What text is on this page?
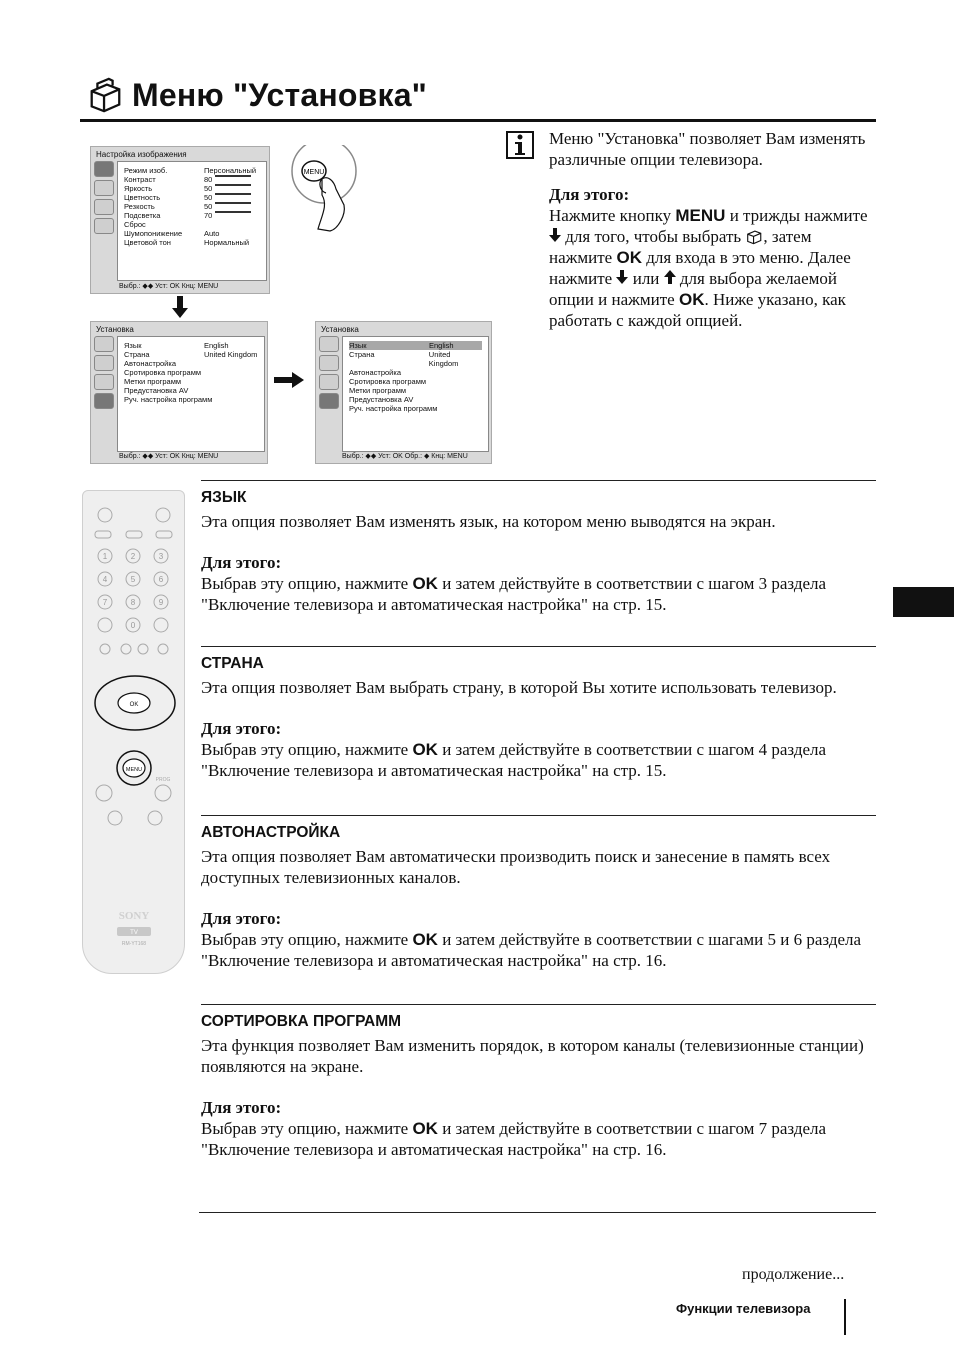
Меню "Установка"
Настройка изображения
Режим изоб.	Персональный
Контраст	80
Яркость	50
Цветность	50
Резкость	50
Подсветка	70
Сброс
Шумопонижение	Auto
Цветовой тон	Нормальный
Выбр.: ◆◆ Уст: OK Кнц: MENU
MENU
Установка
Язык	English
Страна	United Kingdom
Автонастройка
Сротировка программ
Метки программ
Предустановка AV
Руч. настройка программ
Выбр.: ◆◆ Уст: OK Кнц: MENU
Установка
Язык	English
Страна	United Kingdom
Автонастройка
Сротировка программ
Метки программ
Предустановка AV
Руч. настройка программ
Выбр.: ◆◆ Уст: OK Обр.: ◆ Кнц: MENU

Меню "Установка" позволяет Вам изменять различные опции телевизора.

Для этого:
Нажмите кнопку MENU и трижды нажмите  для того, чтобы выбрать , затем нажмите OK для входа в это меню. Далее нажмите  или  для выбора желаемой опции и нажмите OK. Ниже указано, как работать с каждой опцией.
1	2	3
4	5	6
7	8	9
0
OK
MENU
PROG
SONY
TV
RM-YT168
ЯЗЫК

Эта опция позволяет Вам изменять язык, на котором меню выводятся на экран.

Для этого:

Выбрав эту опцию, нажмите OK и затем действуйте в соответствии с шагом 3 раздела "Включение телевизора и автоматическая настройка" на стр. 15.

СТРАНА

Эта опция позволяет Вам выбрать страну, в которой Вы хотите использовать телевизор.

Для этого:

Выбрав эту опцию, нажмите OK и затем действуйте в соответствии с шагом 4 раздела "Включение телевизора и автоматическая настройка" на стр. 15.

АВТОНАСТРОЙКА

Эта опция позволяет Вам автоматически производить поиск и занесение в память всех доступных телевизионных каналов.

Для этого:

Выбрав эту опцию, нажмите OK и затем действуйте в соответствии с шагами 5 и 6 раздела "Включение телевизора и автоматическая настройка" на стр. 16.

СОРТИРОВКА ПРОГРАММ

Эта функция позволяет Вам изменить порядок, в котором каналы (телевизионные станции) появляются на экране.

Для этого:

Выбрав эту опцию, нажмите OK и затем действуйте в соответствии с шагом 7 раздела "Включение телевизора и автоматическая настройка" на стр. 16.

продолжение...
Функции телевизора
